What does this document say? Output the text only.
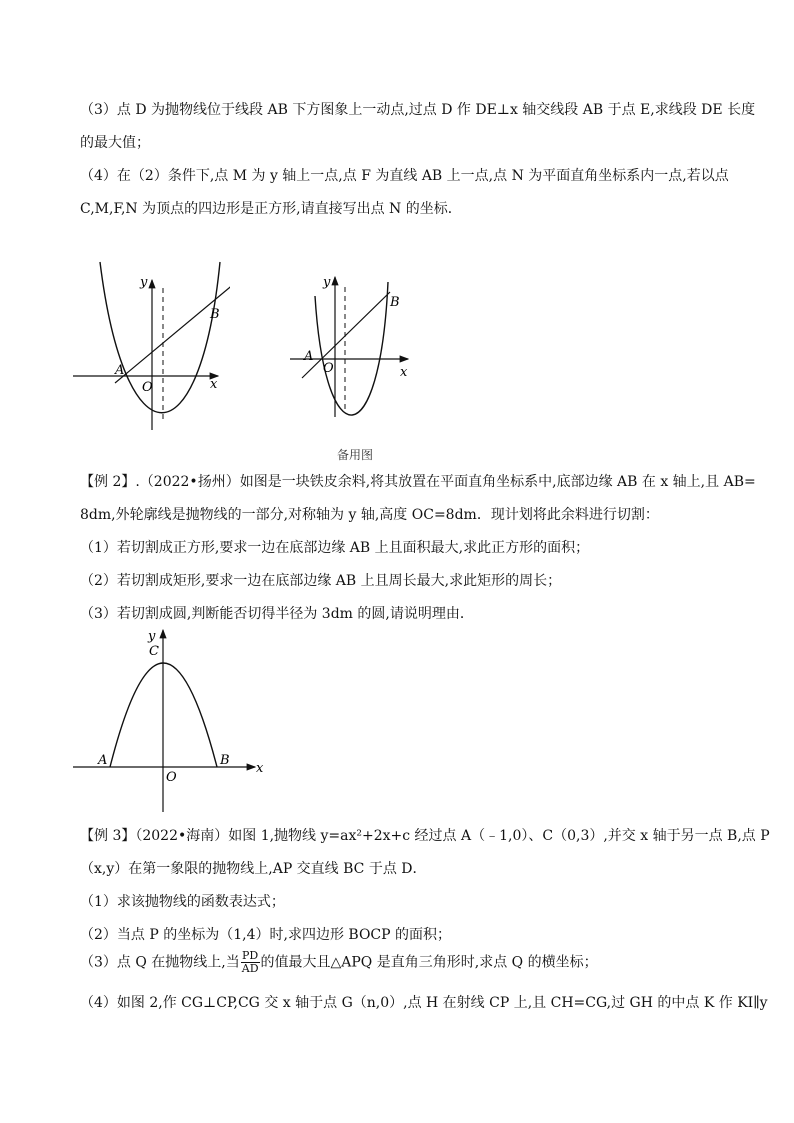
（3）点 D 为抛物线位于线段 AB 下方图象上一动点,过点 D 作 DE⊥x 轴交线段 AB 于点 E,求线段 DE 长度
的最大值；
（4）在（2）条件下,点 M 为 y 轴上一点,点 F 为直线 AB 上一点,点 N 为平面直角坐标系内一点,若以点
C,M,F,N 为顶点的四边形是正方形,请直接写出点 N 的坐标．
y
x
A
B
O
y
x
A
B
O
备用图
【例 2】.（2022•扬州）如图是一块铁皮余料,将其放置在平面直角坐标系中,底部边缘 AB 在 x 轴上,且 AB=
8dm,外轮廓线是抛物线的一部分,对称轴为 y 轴,高度 OC=8dm．现计划将此余料进行切割：
（1）若切割成正方形,要求一边在底部边缘 AB 上且面积最大,求此正方形的面积；
（2）若切割成矩形,要求一边在底部边缘 AB 上且周长最大,求此矩形的周长；
（3）若切割成圆,判断能否切得半径为 3dm 的圆,请说明理由．
y
C
x
A	B
O
【例 3】（2022•海南）如图 1,抛物线 y=ax²+2x+c 经过点 A（﹣1,0）、C（0,3）,并交 x 轴于另一点 B,点 P
（x,y）在第一象限的抛物线上,AP 交直线 BC 于点 D．
（1）求该抛物线的函数表达式；
（2）当点 P 的坐标为（1,4）时,求四边形 BOCP 的面积；
（3）点 Q 在抛物线上,当 $\frac{PD}{AD}$ 的值最大且△APQ 是直角三角形时,求点 Q 的横坐标；
（4）如图 2,作 CG⊥CP,CG 交 x 轴于点 G（n,0）,点 H 在射线 CP 上,且 CH=CG,过 GH 的中点 K 作 KI∥y
